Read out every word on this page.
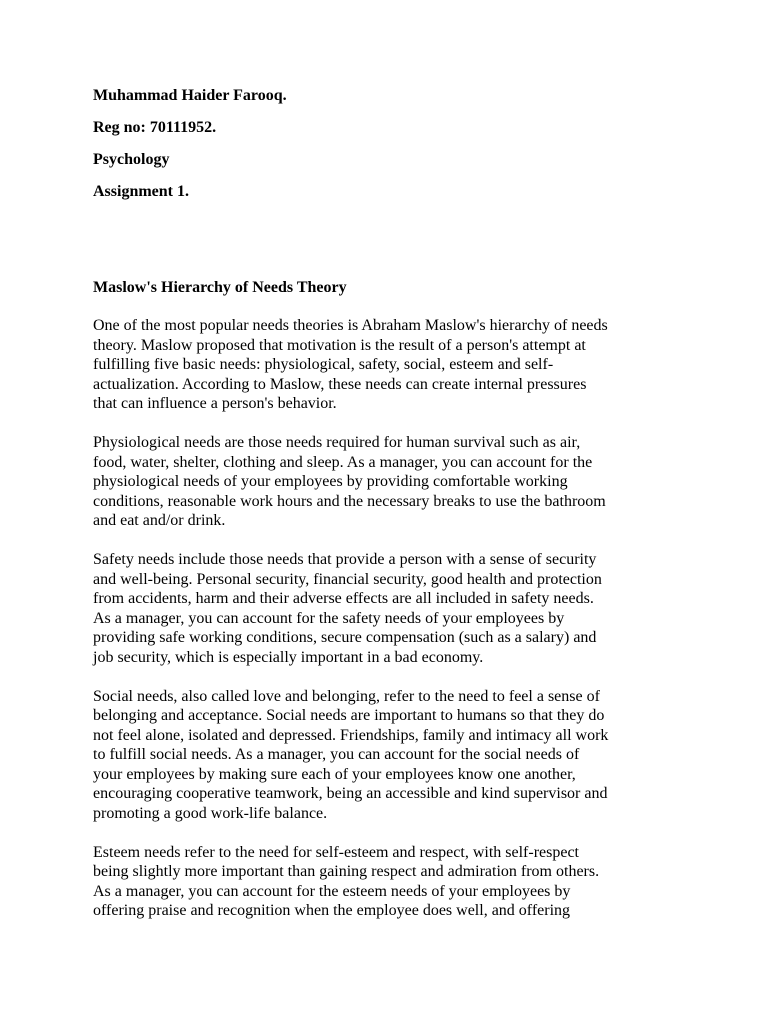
Muhammad Haider Farooq.
Reg no: 70111952.
Psychology
Assignment 1.
Maslow's Hierarchy of Needs Theory
One of the most popular needs theories is Abraham Maslow's hierarchy of needs
theory. Maslow proposed that motivation is the result of a person's attempt at
fulfilling five basic needs: physiological, safety, social, esteem and self-
actualization. According to Maslow, these needs can create internal pressures
that can influence a person's behavior.
Physiological needs are those needs required for human survival such as air,
food, water, shelter, clothing and sleep. As a manager, you can account for the
physiological needs of your employees by providing comfortable working
conditions, reasonable work hours and the necessary breaks to use the bathroom
and eat and/or drink.
Safety needs include those needs that provide a person with a sense of security
and well-being. Personal security, financial security, good health and protection
from accidents, harm and their adverse effects are all included in safety needs.
As a manager, you can account for the safety needs of your employees by
providing safe working conditions, secure compensation (such as a salary) and
job security, which is especially important in a bad economy.
Social needs, also called love and belonging, refer to the need to feel a sense of
belonging and acceptance. Social needs are important to humans so that they do
not feel alone, isolated and depressed. Friendships, family and intimacy all work
to fulfill social needs. As a manager, you can account for the social needs of
your employees by making sure each of your employees know one another,
encouraging cooperative teamwork, being an accessible and kind supervisor and
promoting a good work-life balance.
Esteem needs refer to the need for self-esteem and respect, with self-respect
being slightly more important than gaining respect and admiration from others.
As a manager, you can account for the esteem needs of your employees by
offering praise and recognition when the employee does well, and offering
